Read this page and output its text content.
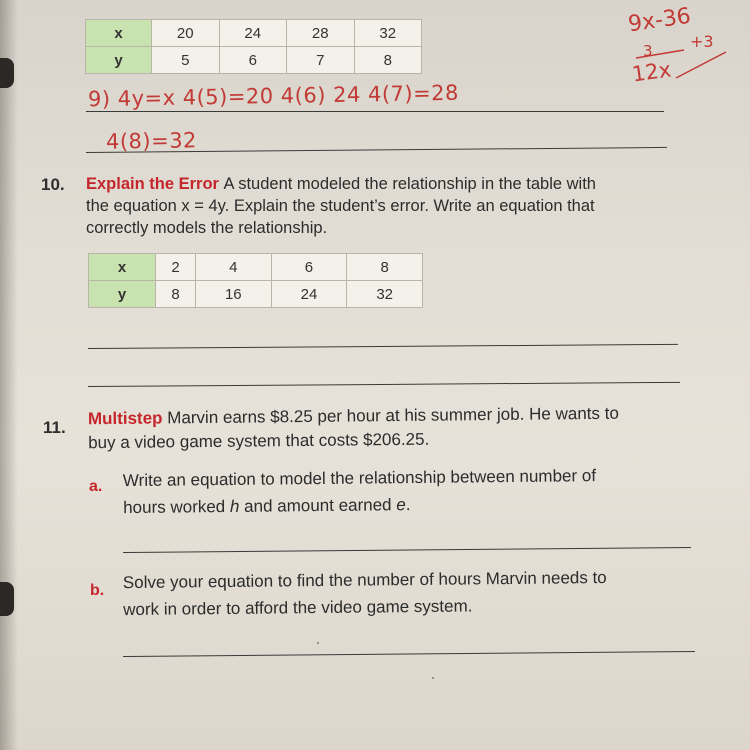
x	20	24	28	32
y	5	6	7	8
9) 4y=x 4(5)=20 4(6) 24 4(7)=28
4(8)=32
9x-36
+3
3
12x
10. Explain the Error A student modeled the relationship in the table with
the equation x = 4y. Explain the student’s error. Write an equation that
correctly models the relationship.
x	2	4	6	8
y	8	16	24	32
11. Multistep Marvin earns $8.25 per hour at his summer job. He wants to
buy a video game system that costs $206.25.
a. Write an equation to model the relationship between number of
hours worked h and amount earned e.
b. Solve your equation to find the number of hours Marvin needs to
work in order to afford the video game system.
